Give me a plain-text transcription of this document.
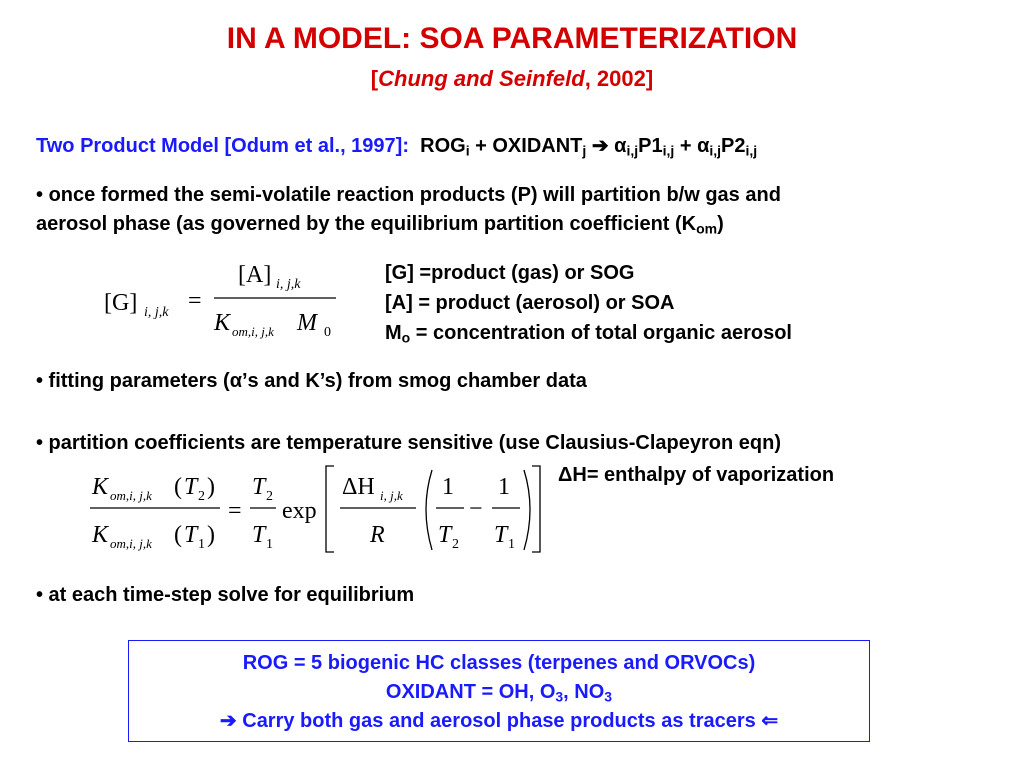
IN A MODEL: SOA PARAMETERIZATION
[Chung and Seinfeld, 2002]
Two Product Model [Odum et al., 1997]: $ROG_i$ + $OXIDANT_j$ ➔ $\alpha_{i,j}P1_{i,j} + \alpha_{i,j}P2_{i,j}$
• once formed the semi-volatile reaction products (P) will partition b/w gas and
aerosol phase (as governed by the equilibrium partition coefficient $(K_{om})$
[G] i, j,k =
[A] i, j,k
K om,i, j,k M 0
[G] =product (gas) or SOG
[A] = product (aerosol) or SOA
$M_o$ = concentration of total organic aerosol
• fitting parameters (α’s and K’s) from smog chamber data
• partition coefficients are temperature sensitive (use Clausius-Clapeyron eqn)
K om,i, j,k ( T 2 )
K om,i, j,k ( T 1 )
=
T 2
T 1
exp
ΔH i, j,k
R
1
T 2
−
1
T 1
ΔH= enthalpy of vaporization
• at each time-step solve for equilibrium
ROG = 5 biogenic HC classes (terpenes and ORVOCs)
OXIDANT = OH, $O_3$, $NO_3$
➔ Carry both gas and aerosol phase products as tracers ⇐
